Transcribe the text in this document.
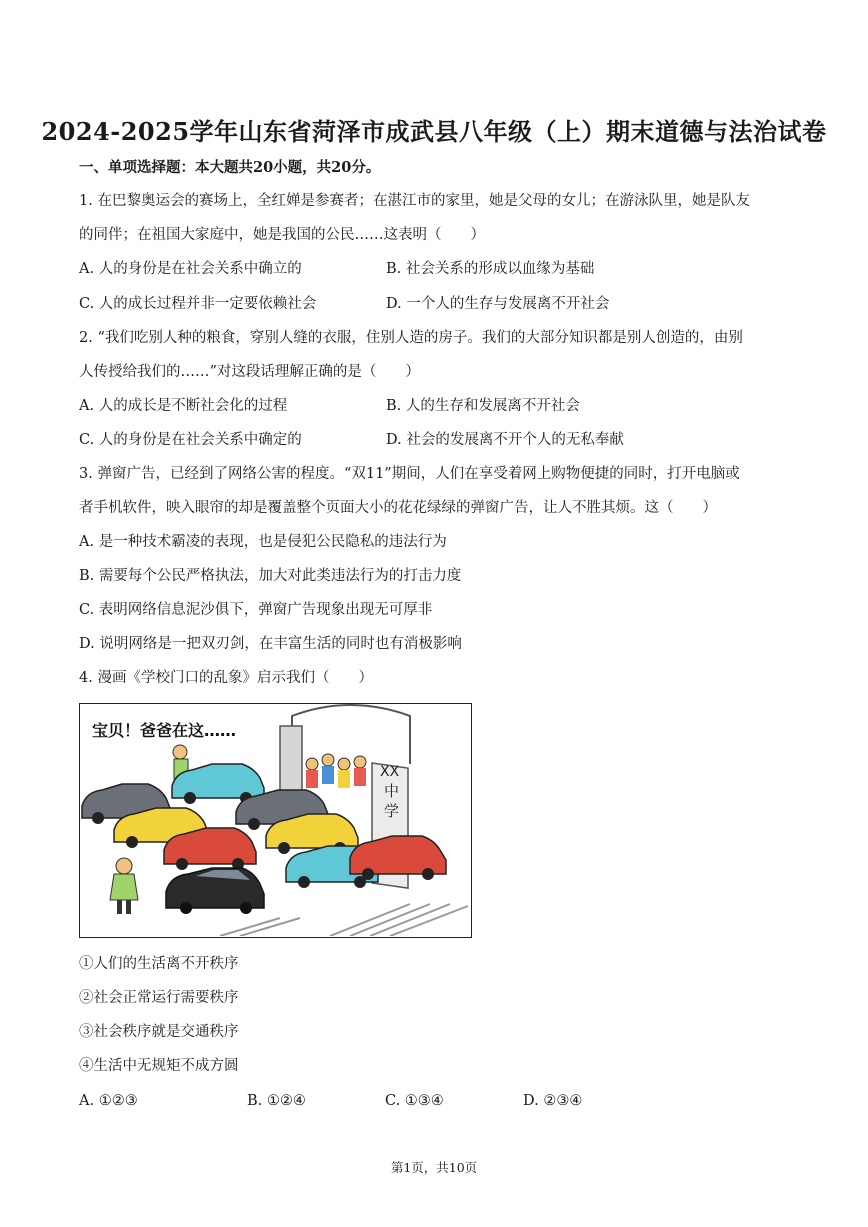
2024-2025学年山东省菏泽市成武县八年级（上）期末道德与法治试卷
一、单项选择题：本大题共20小题，共20分。
1. 在巴黎奥运会的赛场上，全红婵是参赛者；在湛江市的家里，她是父母的女儿；在游泳队里，她是队友
的同伴；在祖国大家庭中，她是我国的公民……这表明（　　）
A. 人的身份是在社会关系中确立的	B. 社会关系的形成以血缘为基础
C. 人的成长过程并非一定要依赖社会	D. 一个人的生存与发展离不开社会
2. “我们吃别人种的粮食，穿别人缝的衣服，住别人造的房子。我们的大部分知识都是别人创造的，由别
人传授给我们的……”对这段话理解正确的是（　　）
A. 人的成长是不断社会化的过程	B. 人的生存和发展离不开社会
C. 人的身份是在社会关系中确定的	D. 社会的发展离不开个人的无私奉献
3. 弹窗广告，已经到了网络公害的程度。“双11”期间，人们在享受着网上购物便捷的同时，打开电脑或
者手机软件，映入眼帘的却是覆盖整个页面大小的花花绿绿的弹窗广告，让人不胜其烦。这（　　）
A. 是一种技术霸凌的表现，也是侵犯公民隐私的违法行为
B. 需要每个公民严格执法，加大对此类违法行为的打击力度
C. 表明网络信息泥沙俱下，弹窗广告现象出现无可厚非
D. 说明网络是一把双刃剑，在丰富生活的同时也有消极影响
4. 漫画《学校门口的乱象》启示我们（　　）
XX
中
学
宝贝！爸爸在这……
①人们的生活离不开秩序
②社会正常运行需要秩序
③社会秩序就是交通秩序
④生活中无规矩不成方圆
A. ①②③	B. ①②④	C. ①③④	D. ②③④
第1页，共10页
